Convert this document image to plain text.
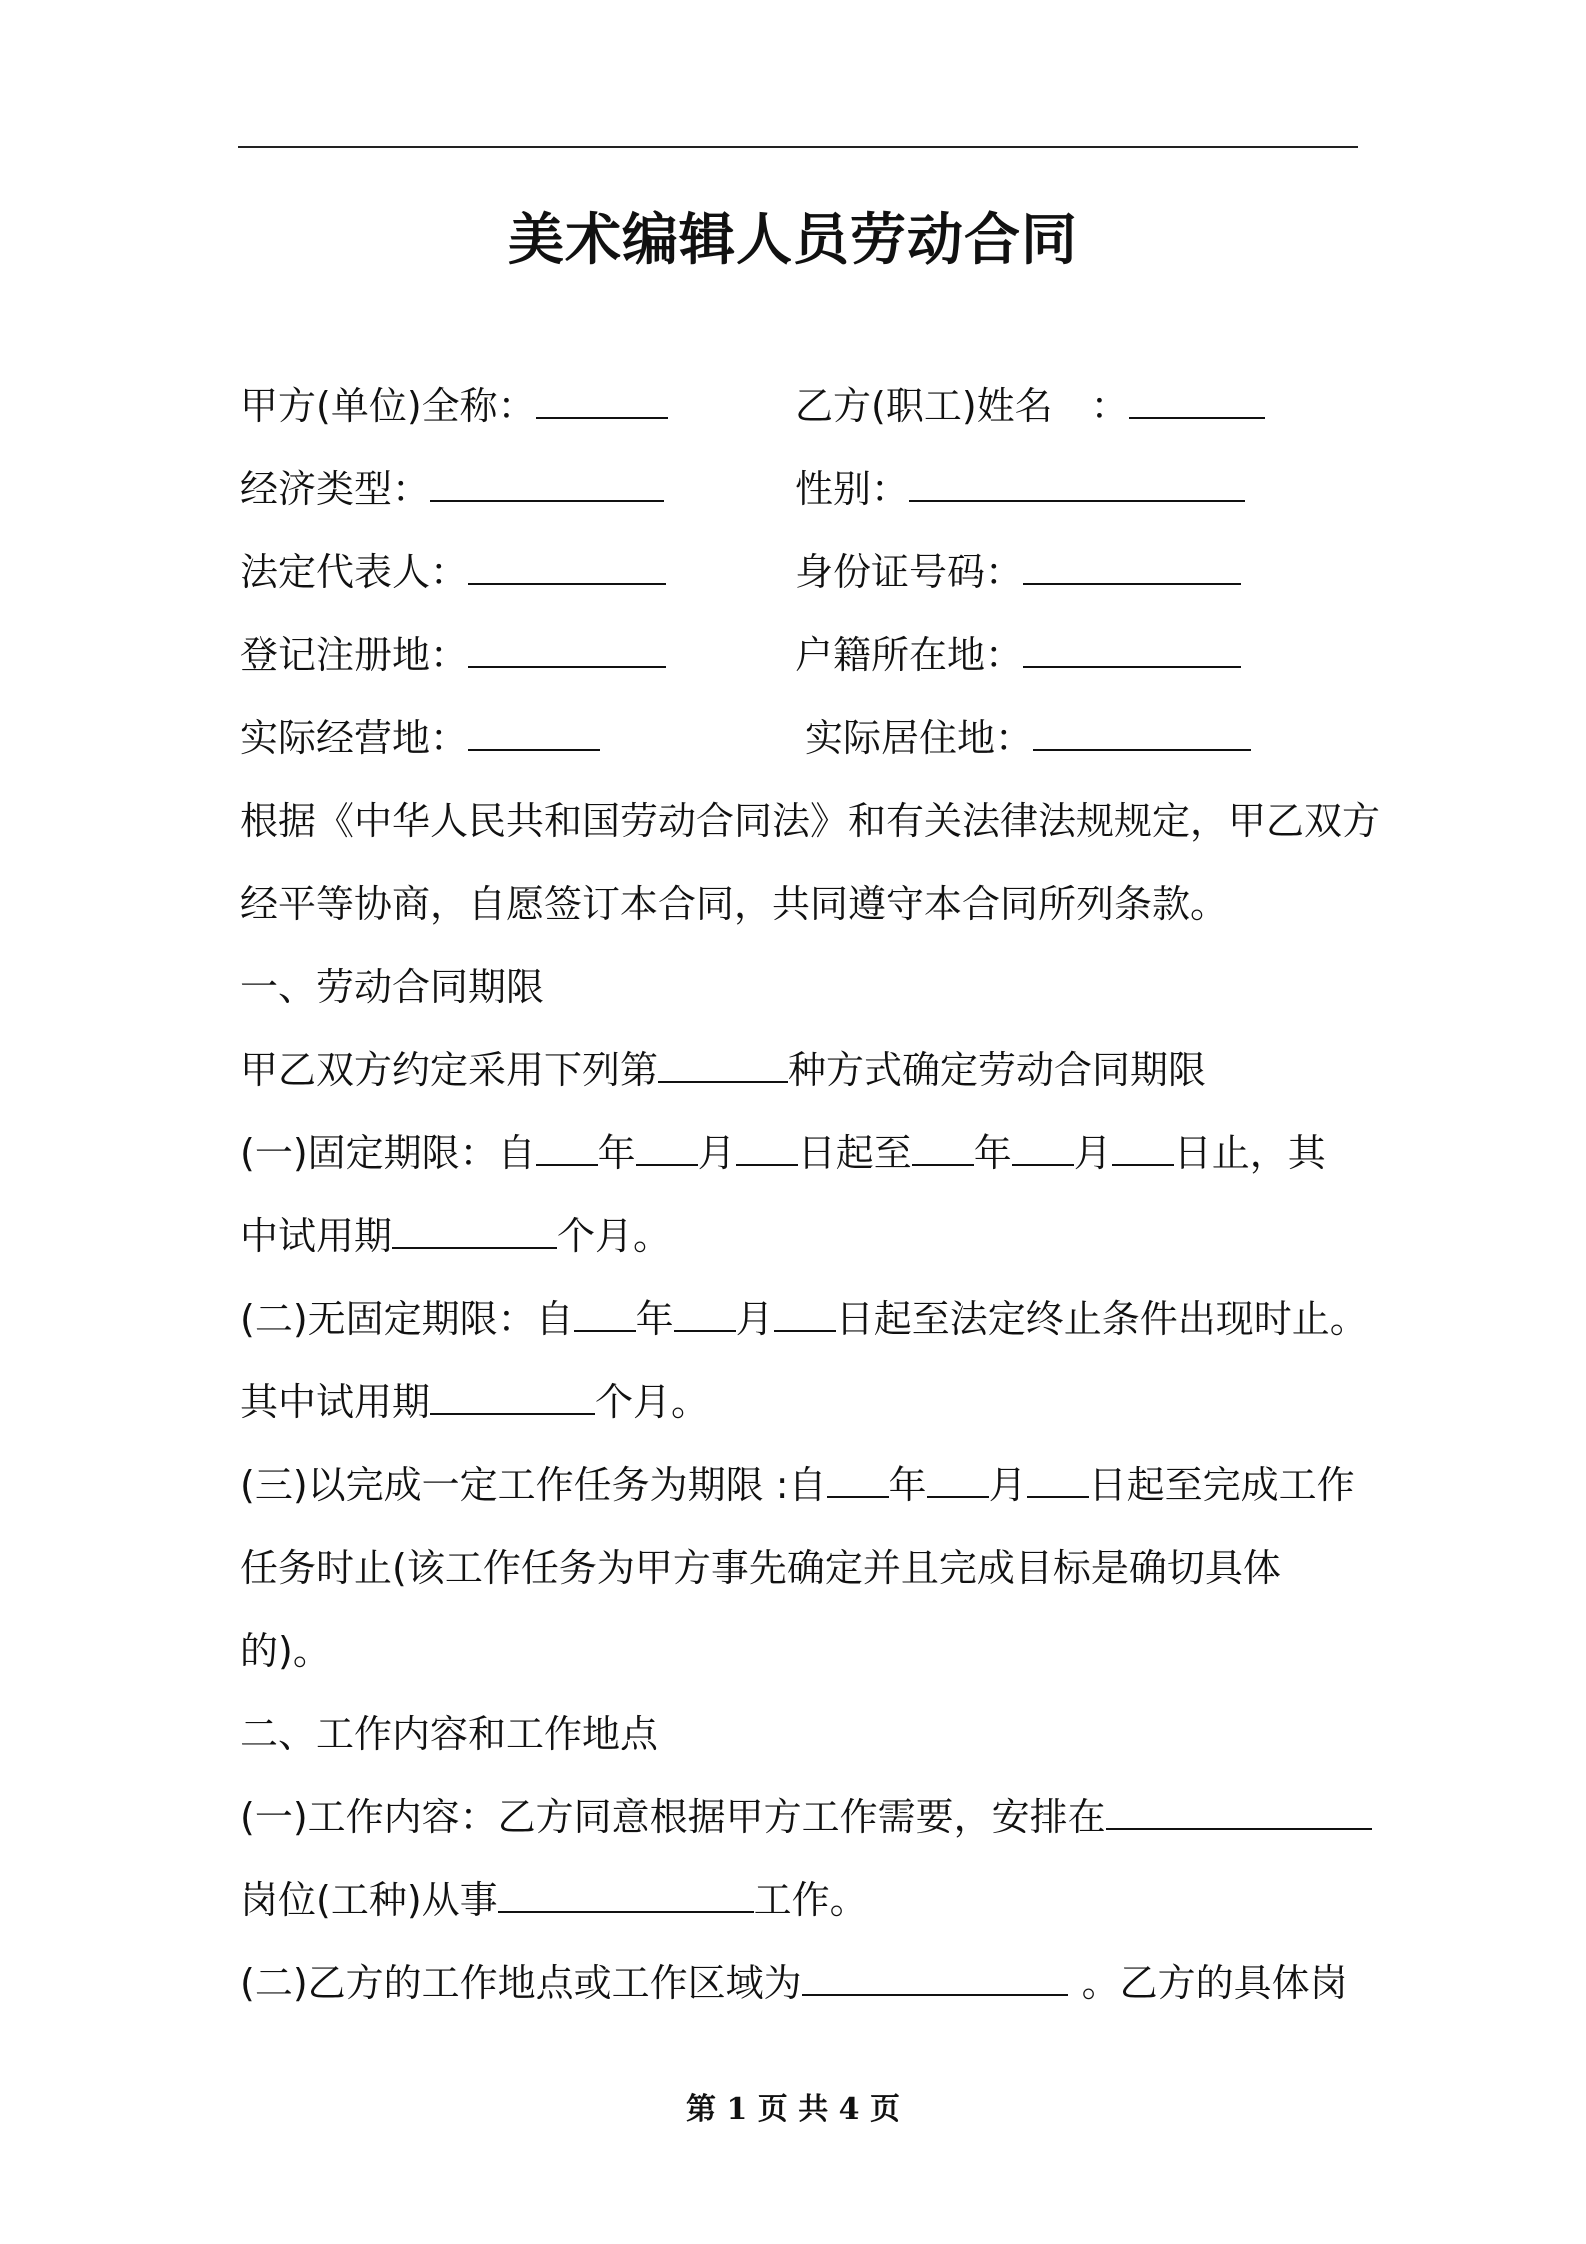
美术编辑人员劳动合同
甲方(单位)全称：	乙方(职工)姓名　：
经济类型：	性别：
法定代表人：	身份证号码：
登记注册地：	户籍所在地：
实际经营地：	实际居住地：
根据《中华人民共和国劳动合同法》和有关法律法规规定，甲乙双方
经平等协商，自愿签订本合同，共同遵守本合同所列条款。
一、劳动合同期限
甲乙双方约定采用下列第	种方式确定劳动合同期限
(一)固定期限：自 年 月 日起至 年 月 日止，其
中试用期	个月。
(二)无固定期限：自 年 月 日起至法定终止条件出现时止。
其中试用期	个月。
(三)以完成一定工作任务为期限 :自 年 月 日起至完成工作
任务时止(该工作任务为甲方事先确定并且完成目标是确切具体
的)。
二、工作内容和工作地点
(一)工作内容：乙方同意根据甲方工作需要，安排在
岗位(工种)从事	工作。
(二)乙方的工作地点或工作区域为	。乙方的具体岗
第 1 页 共 4 页
